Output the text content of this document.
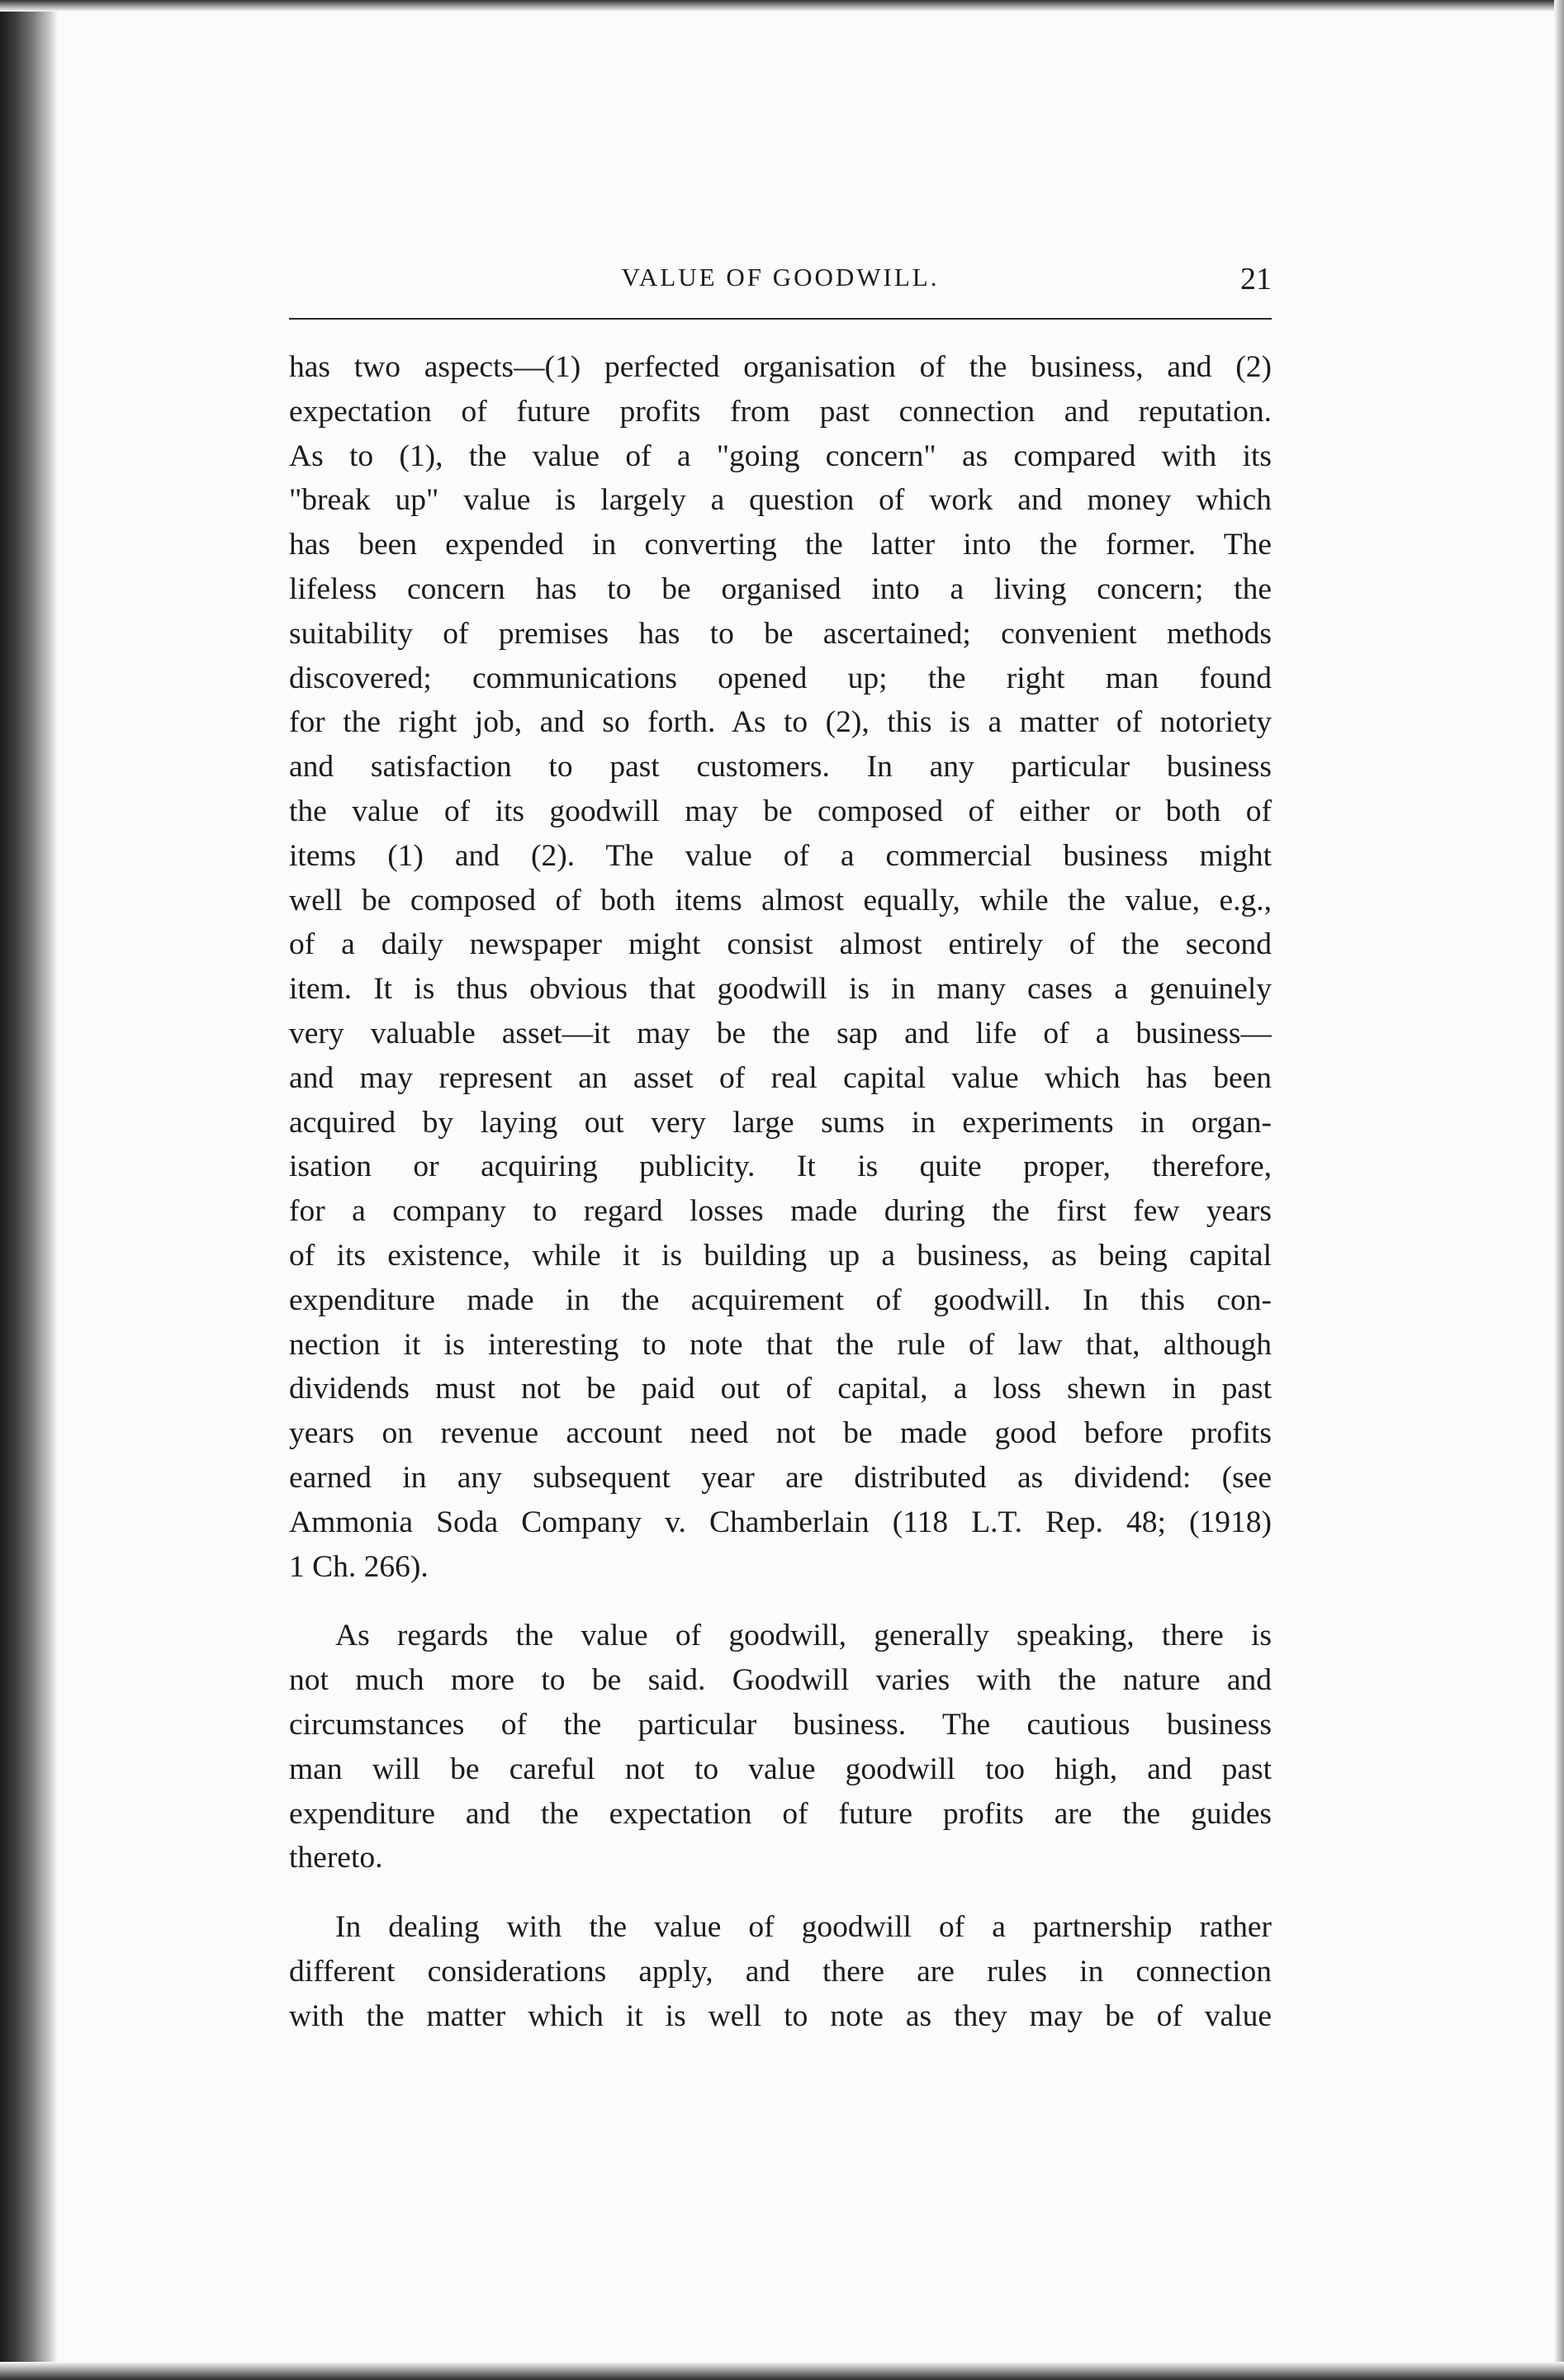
VALUE OF GOODWILL.	21
has two aspects—(1) perfected organisation of the business, and (2)
expectation of future profits from past connection and reputation.
As to (1), the value of a "going concern" as compared with its
"break up" value is largely a question of work and money which
has been expended in converting the latter into the former. The
lifeless concern has to be organised into a living concern; the
suitability of premises has to be ascertained; convenient methods
discovered; communications opened up; the right man found
for the right job, and so forth. As to (2), this is a matter of notoriety
and satisfaction to past customers. In any particular business
the value of its goodwill may be composed of either or both of
items (1) and (2). The value of a commercial business might
well be composed of both items almost equally, while the value, e.g.,
of a daily newspaper might consist almost entirely of the second
item. It is thus obvious that goodwill is in many cases a genuinely
very valuable asset—it may be the sap and life of a business—
and may represent an asset of real capital value which has been
acquired by laying out very large sums in experiments in organ-
isation or acquiring publicity. It is quite proper, therefore,
for a company to regard losses made during the first few years
of its existence, while it is building up a business, as being capital
expenditure made in the acquirement of goodwill. In this con-
nection it is interesting to note that the rule of law that, although
dividends must not be paid out of capital, a loss shewn in past
years on revenue account need not be made good before profits
earned in any subsequent year are distributed as dividend: (see
Ammonia Soda Company v. Chamberlain (118 L.T. Rep. 48; (1918)
1 Ch. 266).
As regards the value of goodwill, generally speaking, there is
not much more to be said. Goodwill varies with the nature and
circumstances of the particular business. The cautious business
man will be careful not to value goodwill too high, and past
expenditure and the expectation of future profits are the guides
thereto.
In dealing with the value of goodwill of a partnership rather
different considerations apply, and there are rules in connection
with the matter which it is well to note as they may be of value
